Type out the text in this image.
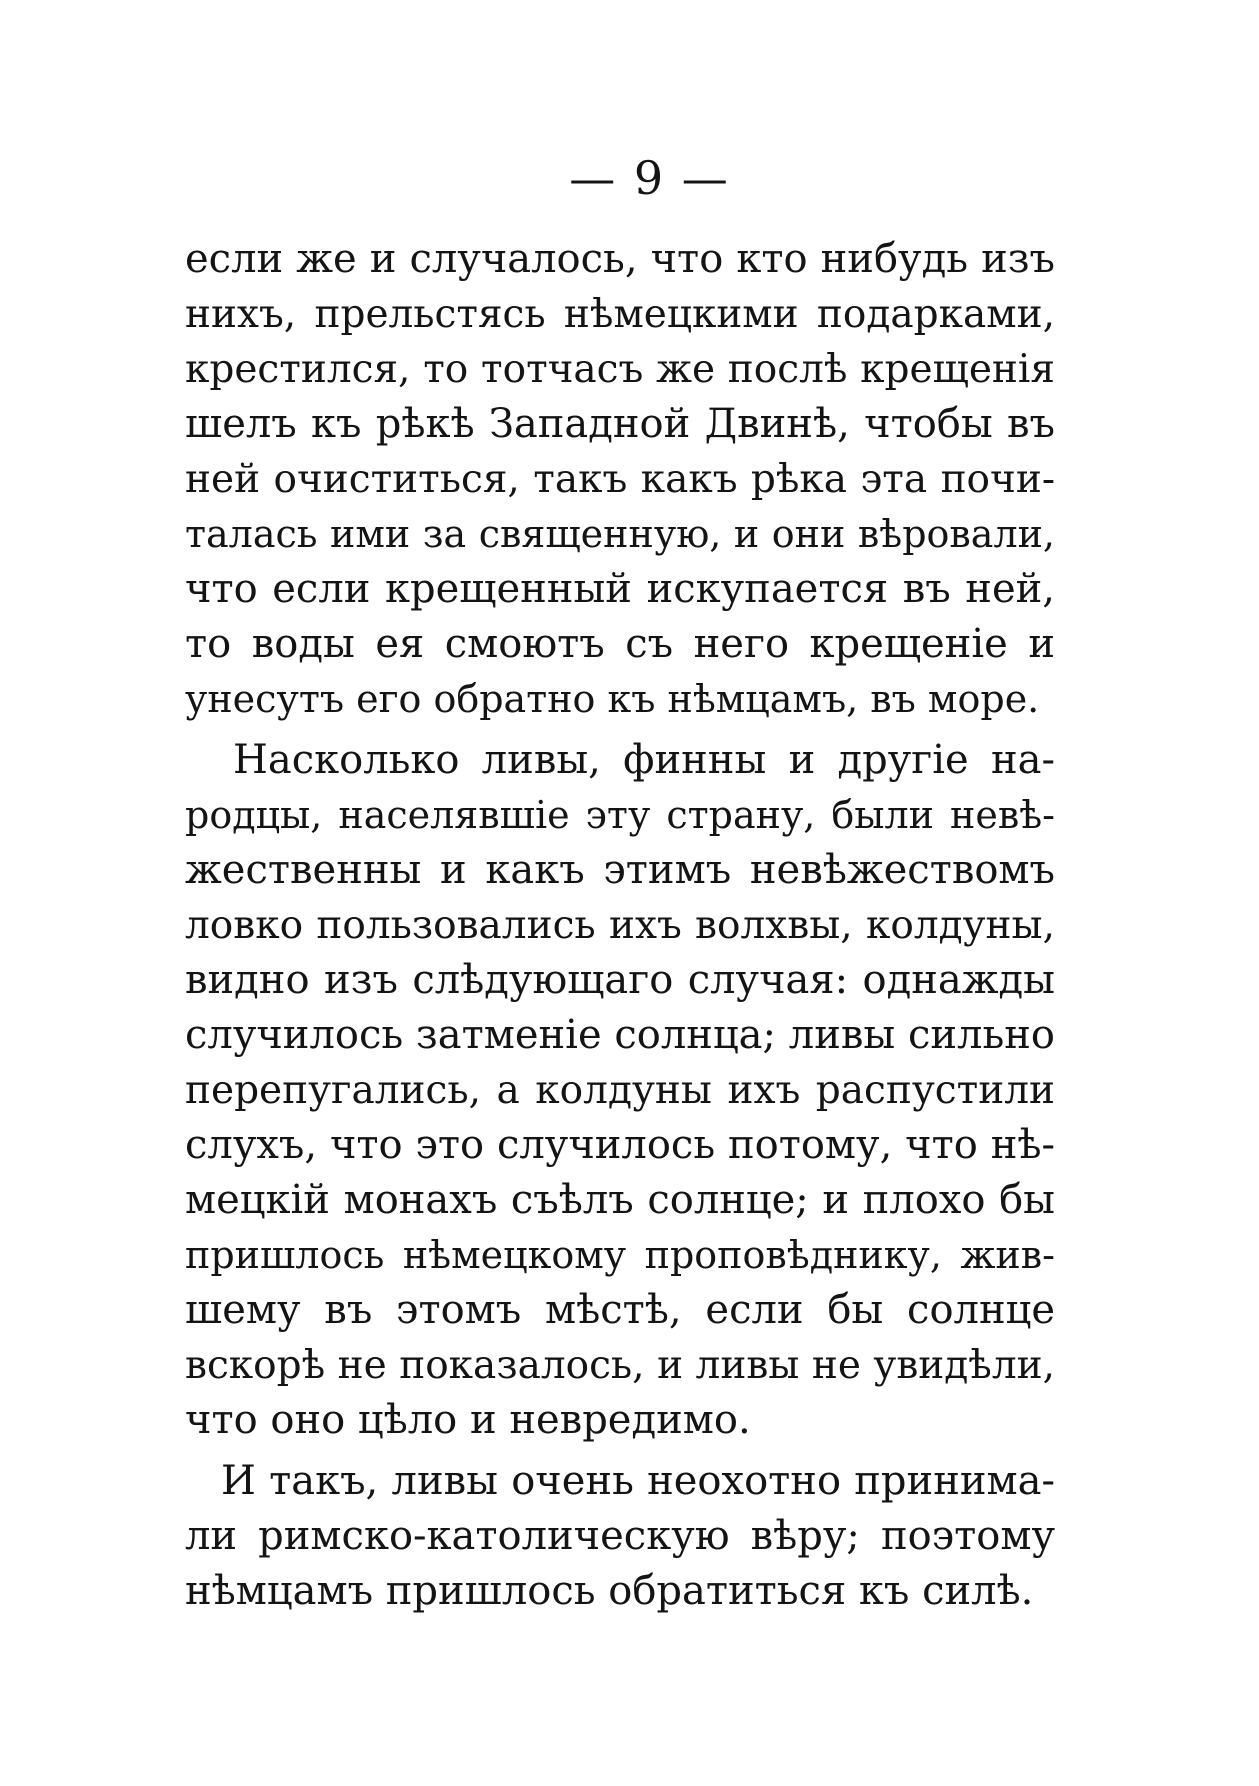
— 9 —
если же и случалось, что кто нибудь изъ
нихъ, прельстясь нѣмецкими подарками,
крестился, то тотчасъ же послѣ крещенія
шелъ къ рѣкѣ Западной Двинѣ, чтобы въ
ней очиститься, такъ какъ рѣка эта почи-
талась ими за священную, и они вѣровали,
что если крещенный искупается въ ней,
то воды ея смоютъ съ него крещеніе и
унесутъ его обратно къ нѣмцамъ, въ море.
Насколько ливы, финны и другіе на-
родцы, населявшіе эту страну, были невѣ-
жественны и какъ этимъ невѣжествомъ
ловко пользовались ихъ волхвы, колдуны,
видно изъ слѣдующаго случая: однажды
случилось затменіе солнца; ливы сильно
перепугались, а колдуны ихъ распустили
слухъ, что это случилось потому, что нѣ-
мецкій монахъ съѣлъ солнце; и плохо бы
пришлось нѣмецкому проповѣднику, жив-
шему въ этомъ мѣстѣ, если бы солнце
вскорѣ не показалось, и ливы не увидѣли,
что оно цѣло и невредимо.
И такъ, ливы очень неохотно принима-
ли римско-католическую вѣру; поэтому
нѣмцамъ пришлось обратиться къ силѣ.
